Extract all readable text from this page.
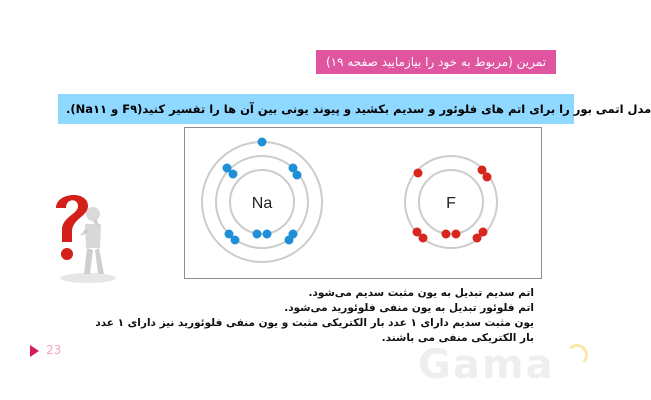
تمرین (مربوط به خود را بیازمایید صفحه ۱۹)
مدل اتمی بور را برای اتم های فلوئور و سدیم بکشید و پیوند یونی بین آن ها را تفسیر کنید(F۹ و Na۱۱).
Na	F
اتم سدیم تبدیل به یون مثبت سدیم می‌شود.
اتم فلوئور تبدیل به یون منفی فلوئورید می‌شود.
یون مثبت سدیم دارای ۱ عدد بار الکتریکی مثبت و یون منفی فلوئورید نیز دارای ۱ عدد بار الکتریکی منفی می باشند.
23	Gama
